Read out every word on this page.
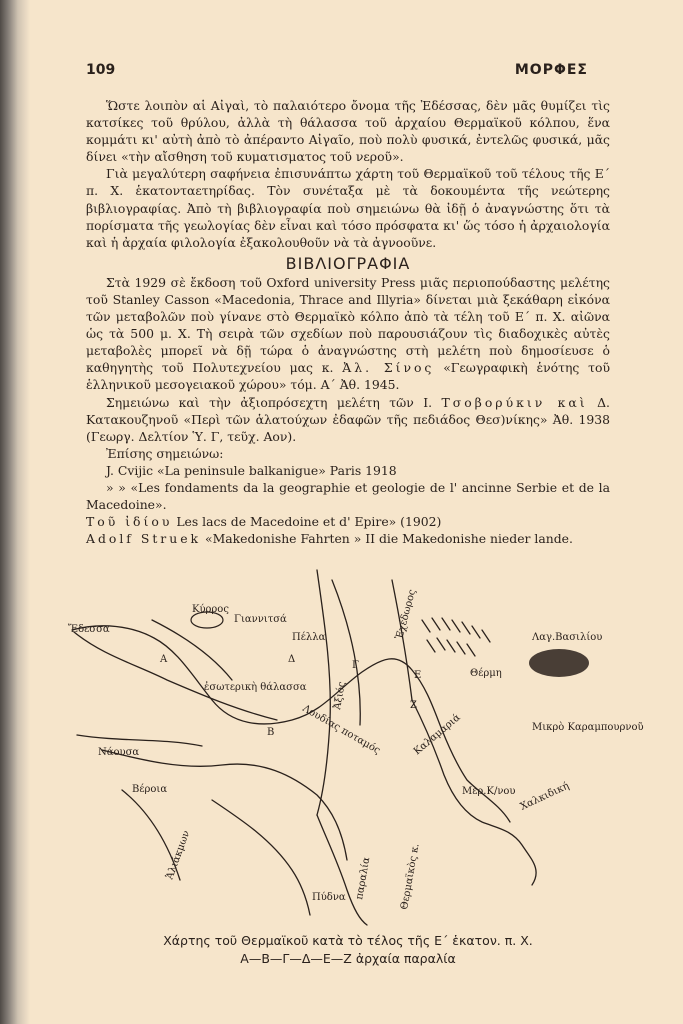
109	ΜΟΡΦΕΣ

Ὥστε λοιπὸν αἱ Αἰγαὶ, τὸ παλαιότερο ὄνομα τῆς Ἐδέσσας, δὲν μᾶς θυμίζει τὶς κατσίκες τοῦ θρύλου, ἀλλὰ τὴ θάλασσα τοῦ ἀρχαίου Θερμαϊκοῦ κόλπου, ἕνα κομμάτι κι' αὐτὴ ἀπὸ τὸ ἀπέραντο Αἰγαῖο, ποὺ πολὺ φυσικά, ἐντελῶς φυσικά, μᾶς δίνει «τὴν αἴσθηση τοῦ κυματισματος τοῦ νεροῦ».

Γιὰ μεγαλύτερη σαφήνεια ἐπισυνάπτω χάρτη τοῦ Θερμαϊκοῦ τοῦ τέλους τῆς Ε΄ π. Χ. ἑκατονταετηρίδας. Τὸν συνέταξα μὲ τὰ δοκουμέντα τῆς νεώτερης βιβλιογραφίας. Ἀπὸ τὴ βιβλιογραφία ποὺ σημειώνω θὰ ἰδῇ ὁ ἀναγνώστης ὅτι τὰ πορίσματα τῆς γεωλογίας δὲν εἶναι καὶ τόσο πρόσφατα κι' ὥς τόσο ἡ ἀρχαιολογία καὶ ἡ ἀρχαία φιλολογία ἐξακολουθοῦν νὰ τὰ ἀγνοοῦνε.

ΒΙΒΛΙΟΓΡΑΦΙΑ

Στὰ 1929 σὲ ἔκδοση τοῦ Oxford university Press μιᾶς περιοπούδαστης μελέτης τοῦ Stanley Casson «Macedonia, Thrace and Illyria» δίνεται μιὰ ξεκάθαρη εἰκόνα τῶν μεταβολῶν ποὺ γίνανε στὸ Θερμαϊκὸ κόλπο ἀπὸ τὰ τέλη τοῦ Ε΄ π. Χ. αἰῶνα ὡς τὰ 500 μ. Χ. Τὴ σειρὰ τῶν σχεδίων ποὺ παρουσιάζουν τὶς διαδοχικὲς αὐτὲς μεταβολὲς μπορεῖ νὰ δῇ τώρα ὁ ἀναγνώστης στὴ μελέτη ποὺ δημοσίευσε ὁ καθηγητὴς τοῦ Πολυτεχνείου μας κ. Ἀλ. Σίνος «Γεωγραφικὴ ἑνότης τοῦ ἑλληνικοῦ μεσογειακοῦ χώρου» τόμ. Α΄ Ἀθ. 1945.

Σημειώνω καὶ τὴν ἀξιοπρόσεχτη μελέτη τῶν Ι. Τσοβορύκιν καὶ Δ. Κατακουζηνοῦ «Περὶ τῶν ἁλατούχων ἐδαφῶν τῆς πεδιάδος Θεσ)νίκης» Ἀθ. 1938 (Γεωργ. Δελτίον Ὑ. Γ, τεῦχ. Αον).

Ἐπίσης σημειώνω:

J. Cvijic «La peninsule balkanigue» Paris 1918

» » «Les fondaments da la geographie et geologie de l' ancinne Serbie et de la Macedoine».

Τοῦ ἰδίου Les lacs de Macedoine et d' Epire» (1902)

Adolf Struek «Makedonishe Fahrten » II die Makedonishe nieder lande.

Ἔδεσσα
Κύρρος
Γιαννιτσά
Πέλλα
Θέρμη
Λαγ.Βασιλίου
Νάουσα
Βέροια
Μικρὸ Καραμπουρνοῦ
Μερ.Κ/νου Χαλκιδική
Θερμαϊκὸς κ.
Πύδνα
ἐσωτερικὴ θάλασσα
Λουδίας ποταμός
Ἀξιός
Ἁλιάκμων
Ἐχέδωρος
παραλία
Καλαμαριά
Α
Β
Γ
Δ
Ε
Ζ
Χάρτης τοῦ Θερμαϊκοῦ κατὰ τὸ τέλος τῆς Ε΄ ἑκατον. π. Χ.
Α—Β—Γ—Δ—Ε—Ζ ἀρχαία παραλία
